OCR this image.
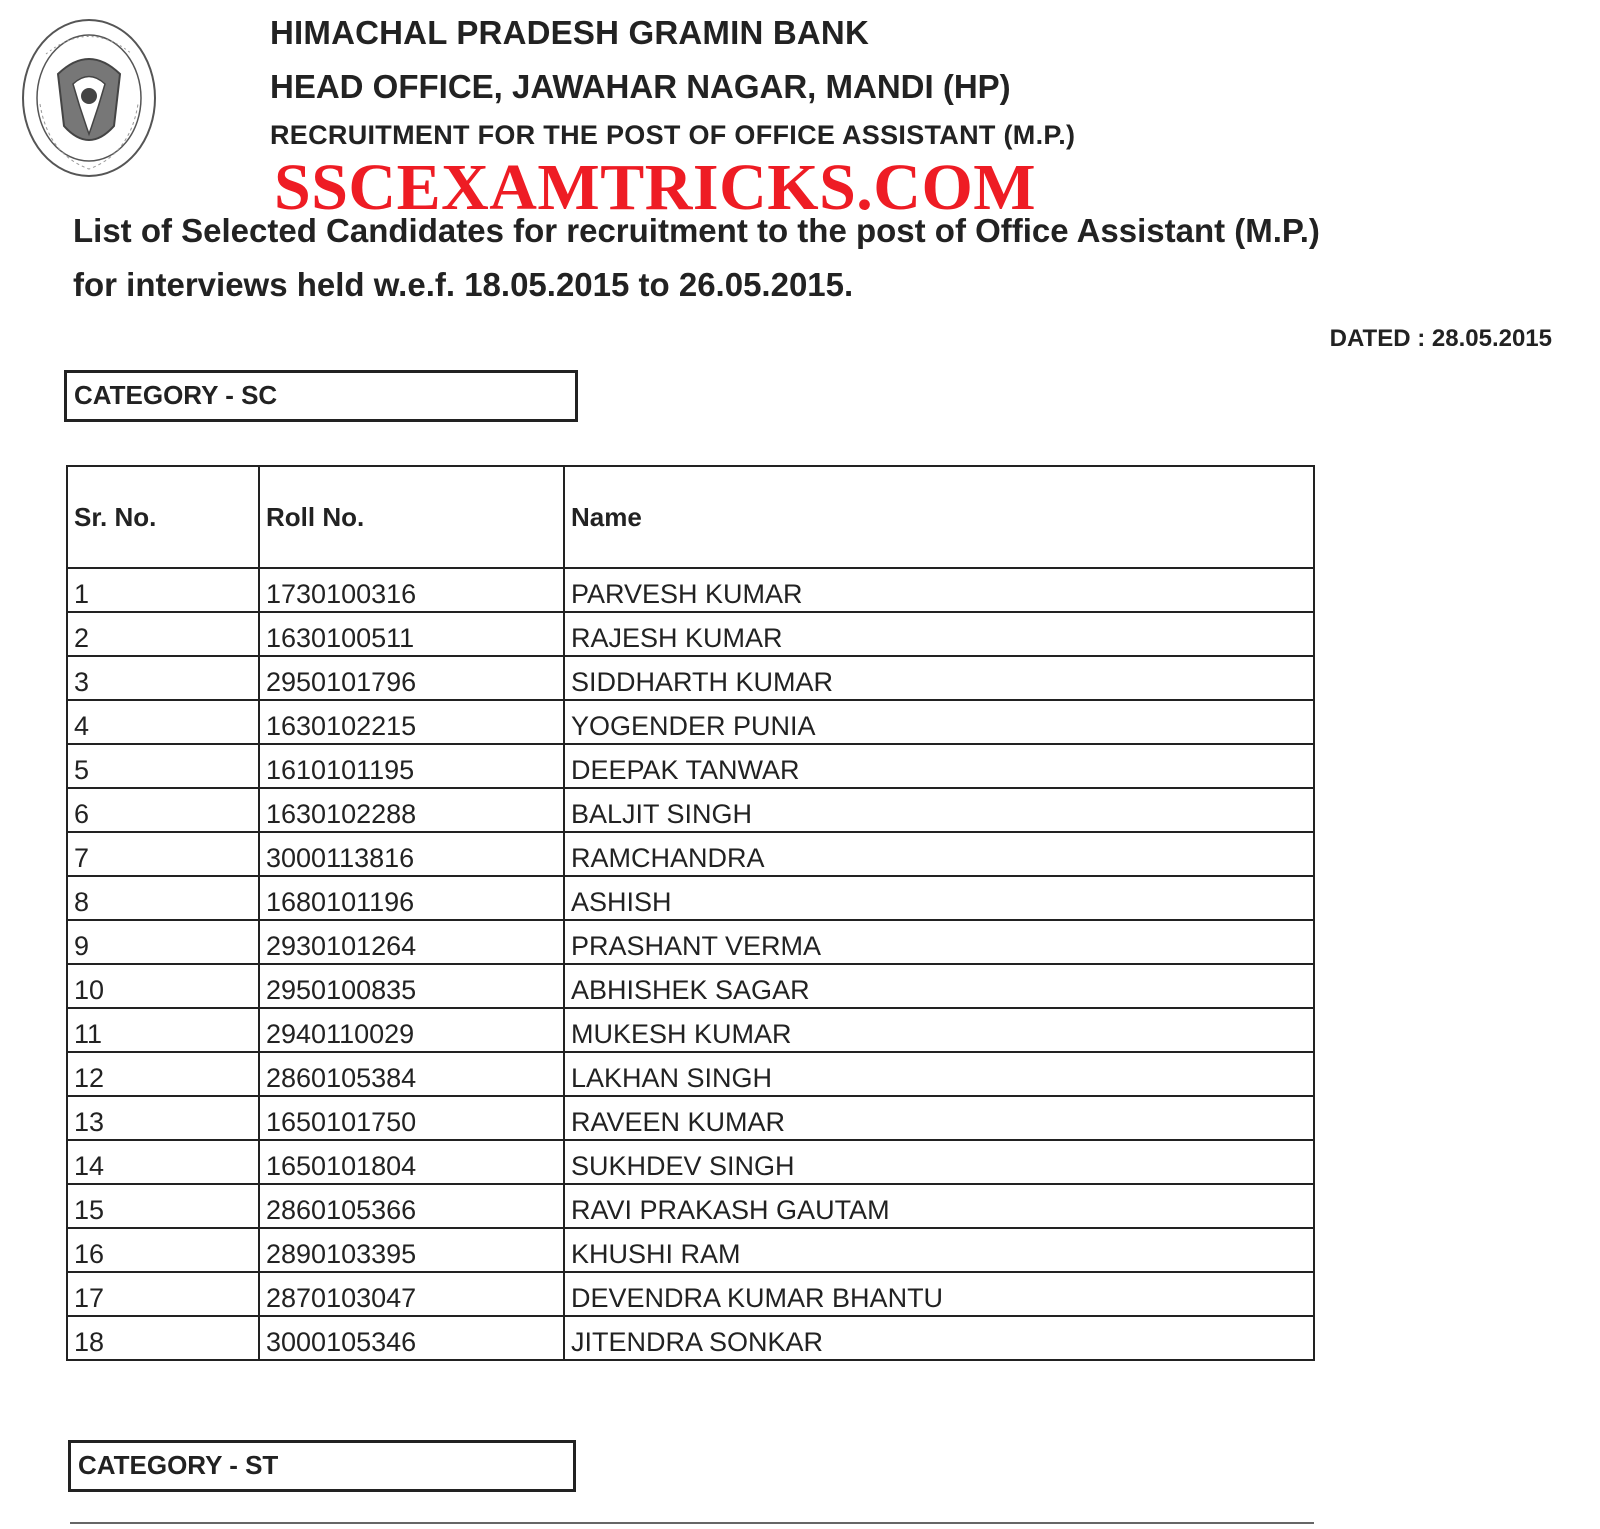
HIMACHAL PRADESH GRAMIN BANK
HEAD OFFICE, JAWAHAR NAGAR, MANDI (HP)
RECRUITMENT FOR THE POST OF OFFICE ASSISTANT (M.P.)
SSCEXAMTRICKS.COM
List of Selected Candidates for recruitment to the post of Office Assistant (M.P.)
for interviews held w.e.f. 18.05.2015 to 26.05.2015.
DATED : 28.05.2015
CATEGORY - SC
Sr. No.	Roll No.	Name
1	1730100316	PARVESH KUMAR
2	1630100511	RAJESH KUMAR
3	2950101796	SIDDHARTH KUMAR
4	1630102215	YOGENDER PUNIA
5	1610101195	DEEPAK TANWAR
6	1630102288	BALJIT SINGH
7	3000113816	RAMCHANDRA
8	1680101196	ASHISH
9	2930101264	PRASHANT VERMA
10	2950100835	ABHISHEK SAGAR
11	2940110029	MUKESH KUMAR
12	2860105384	LAKHAN SINGH
13	1650101750	RAVEEN KUMAR
14	1650101804	SUKHDEV SINGH
15	2860105366	RAVI PRAKASH GAUTAM
16	2890103395	KHUSHI RAM
17	2870103047	DEVENDRA KUMAR BHANTU
18	3000105346	JITENDRA SONKAR
CATEGORY - ST
